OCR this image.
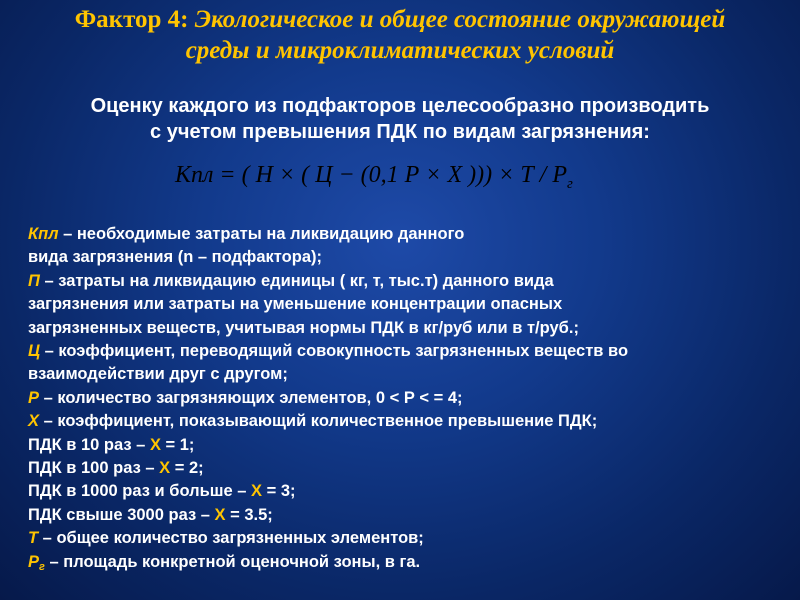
Фактор 4: Экологическое и общее состояние окружающей
среды и микроклиматических условий
Оценку каждого из подфакторов целесообразно производить
с учетом превышения ПДК по видам загрязнения:
Кпл = ( Н × ( Ц − (0,1 Р × Х ))) × Т / $Р_г$
Кпл – необходимые затраты на ликвидацию данного
вида загрязнения (n – подфактора);
П – затраты на ликвидацию единицы ( кг, т, тыс.т) данного вида
загрязнения или затраты на уменьшение концентрации опасных
загрязненных веществ, учитывая нормы ПДК в кг/руб или в т/руб.;
Ц – коэффициент, переводящий совокупность загрязненных веществ во
взаимодействии друг с другом;
Р – количество загрязняющих элементов, 0 < Р < = 4;
Х – коэффициент, показывающий количественное превышение ПДК;
ПДК в 10 раз – Х = 1;
ПДК в 100 раз – Х = 2;
ПДК в 1000 раз и больше – Х = 3;
ПДК свыше 3000 раз – Х = 3.5;
Т – общее количество загрязненных элементов;
$Р_г$ – площадь конкретной оценочной зоны, в га.
